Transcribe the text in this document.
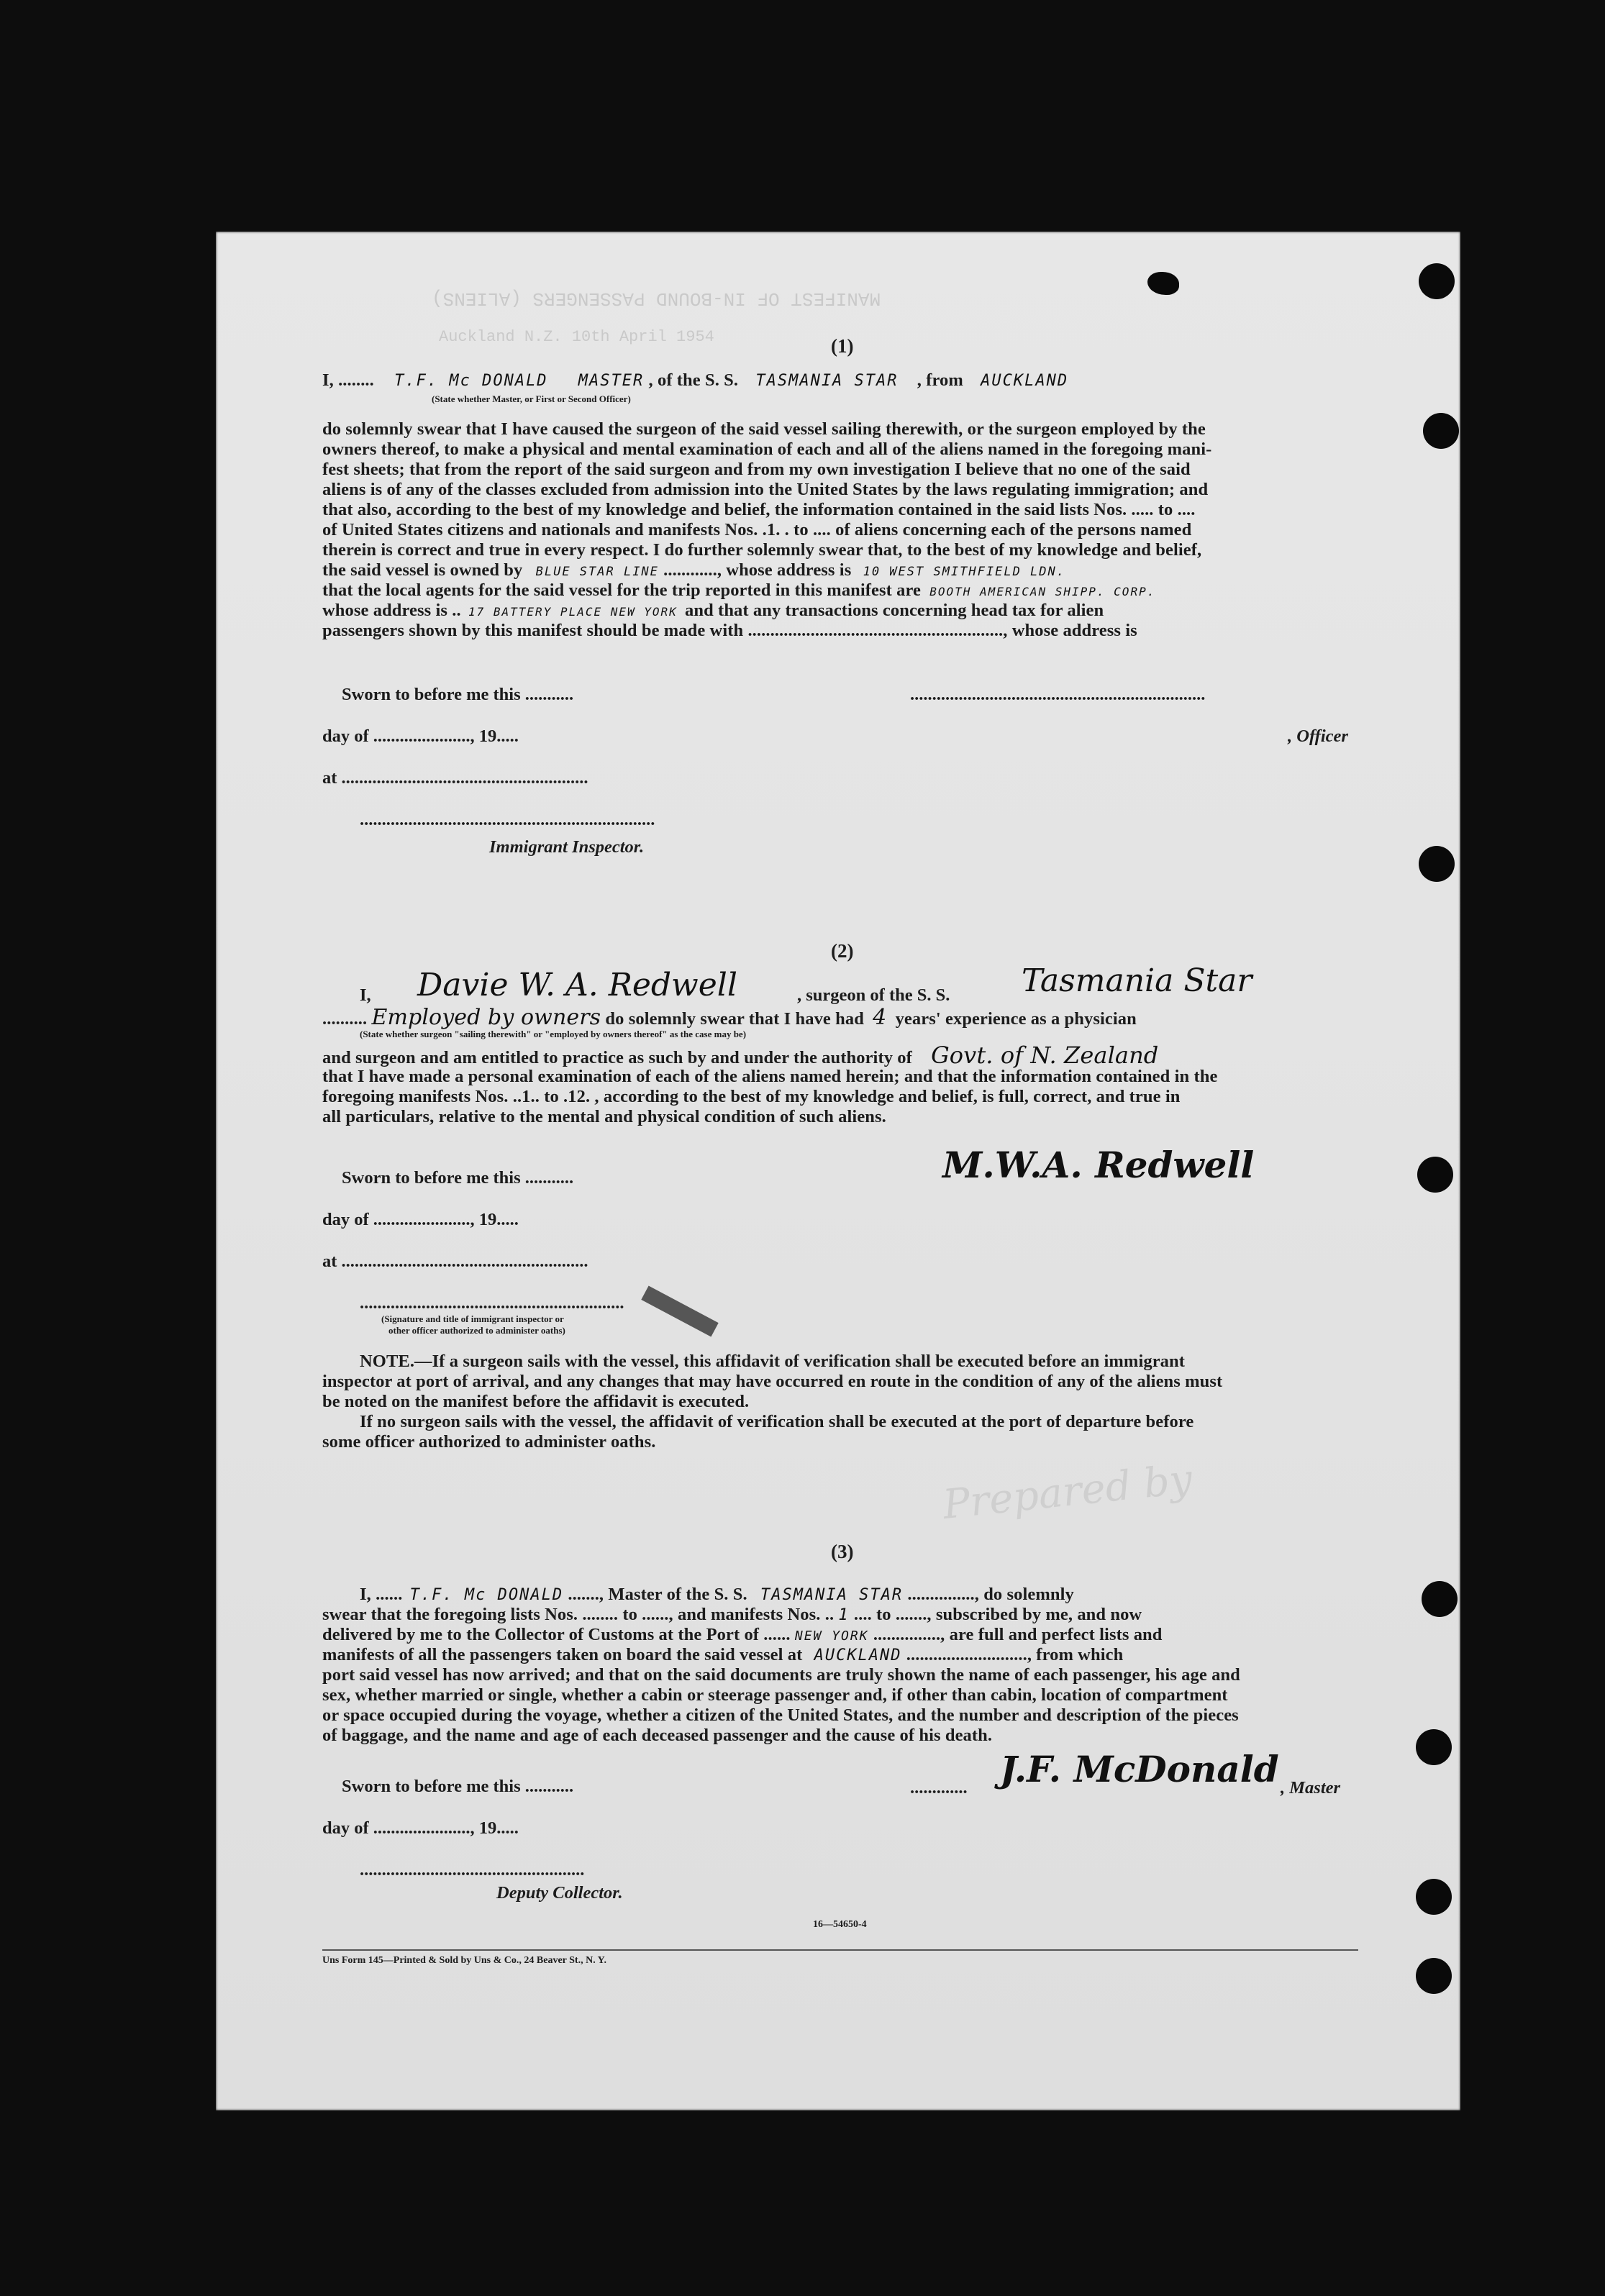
MANIFEST OF IN-BOUND PASSENGERS (ALIENS)
Auckland N.Z. 10th April 1954
Prepared by
(1)
I, ........ T.F. Mc DONALD MASTER , of the S. S. TASMANIA STAR , from AUCKLAND
(State whether Master, or First or Second Officer)
do solemnly swear that I have caused the surgeon of the said vessel sailing therewith, or the surgeon employed by the
owners thereof, to make a physical and mental examination of each and all of the aliens named in the foregoing mani-
fest sheets; that from the report of the said surgeon and from my own investigation I believe that no one of the said
aliens is of any of the classes excluded from admission into the United States by the laws regulating immigration; and
that also, according to the best of my knowledge and belief, the information contained in the said lists Nos. ..... to ....
of United States citizens and nationals and manifests Nos. .1. . to .... of aliens concerning each of the persons named
therein is correct and true in every respect. I do further solemnly swear that, to the best of my knowledge and belief,
the said vessel is owned by BLUE STAR LINE ............, whose address is 10 WEST SMITHFIELD LDN.
that the local agents for the said vessel for the trip reported in this manifest are BOOTH AMERICAN SHIPP. CORP.
whose address is .. 17 BATTERY PLACE NEW YORK and that any transactions concerning head tax for alien
passengers shown by this manifest should be made with ........................................................., whose address is
Sworn to before me this ...........	...................................................................
day of ......................, 19.....	, Officer
at ........................................................
...................................................................
Immigrant Inspector.
(2)
I, Davie W. A. Redwell	, surgeon of the S. S. Tasmania Star
.......... Employed by owners do solemnly swear that I have had 4 years' experience as a physician
(State whether surgeon "sailing therewith" or "employed by owners thereof" as the case may be)
and surgeon and am entitled to practice as such by and under the authority of Govt. of N. Zealand
that I have made a personal examination of each of the aliens named herein; and that the information contained in the
foregoing manifests Nos. ..1.. to .12. , according to the best of my knowledge and belief, is full, correct, and true in
all particulars, relative to the mental and physical condition of such aliens.
Sworn to before me this ...........	M.W.A. Redwell
day of ......................, 19.....
at ........................................................
............................................................
(Signature and title of immigrant inspector or
other officer authorized to administer oaths)
NOTE.—If a surgeon sails with the vessel, this affidavit of verification shall be executed before an immigrant
inspector at port of arrival, and any changes that may have occurred en route in the condition of any of the aliens must
be noted on the manifest before the affidavit is executed.
If no surgeon sails with the vessel, the affidavit of verification shall be executed at the port of departure before
some officer authorized to administer oaths.
(3)
I, ...... T.F. Mc DONALD ......., Master of the S. S. TASMANIA STAR ..............., do solemnly
swear that the foregoing lists Nos. ........ to ......, and manifests Nos. .. 1 .... to ......., subscribed by me, and now
delivered by me to the Collector of Customs at the Port of ...... NEW YORK ..............., are full and perfect lists and
manifests of all the passengers taken on board the said vessel at AUCKLAND ..........................., from which
port said vessel has now arrived; and that on the said documents are truly shown the name of each passenger, his age and
sex, whether married or single, whether a cabin or steerage passenger and, if other than cabin, location of compartment
or space occupied during the voyage, whether a citizen of the United States, and the number and description of the pieces
of baggage, and the name and age of each deceased passenger and the cause of his death.
Sworn to before me this ...........	............. J.F. McDonald , Master
day of ......................, 19.....
...................................................
Deputy Collector.
16—54650-4
Uns Form 145—Printed & Sold by Uns & Co., 24 Beaver St., N. Y.
